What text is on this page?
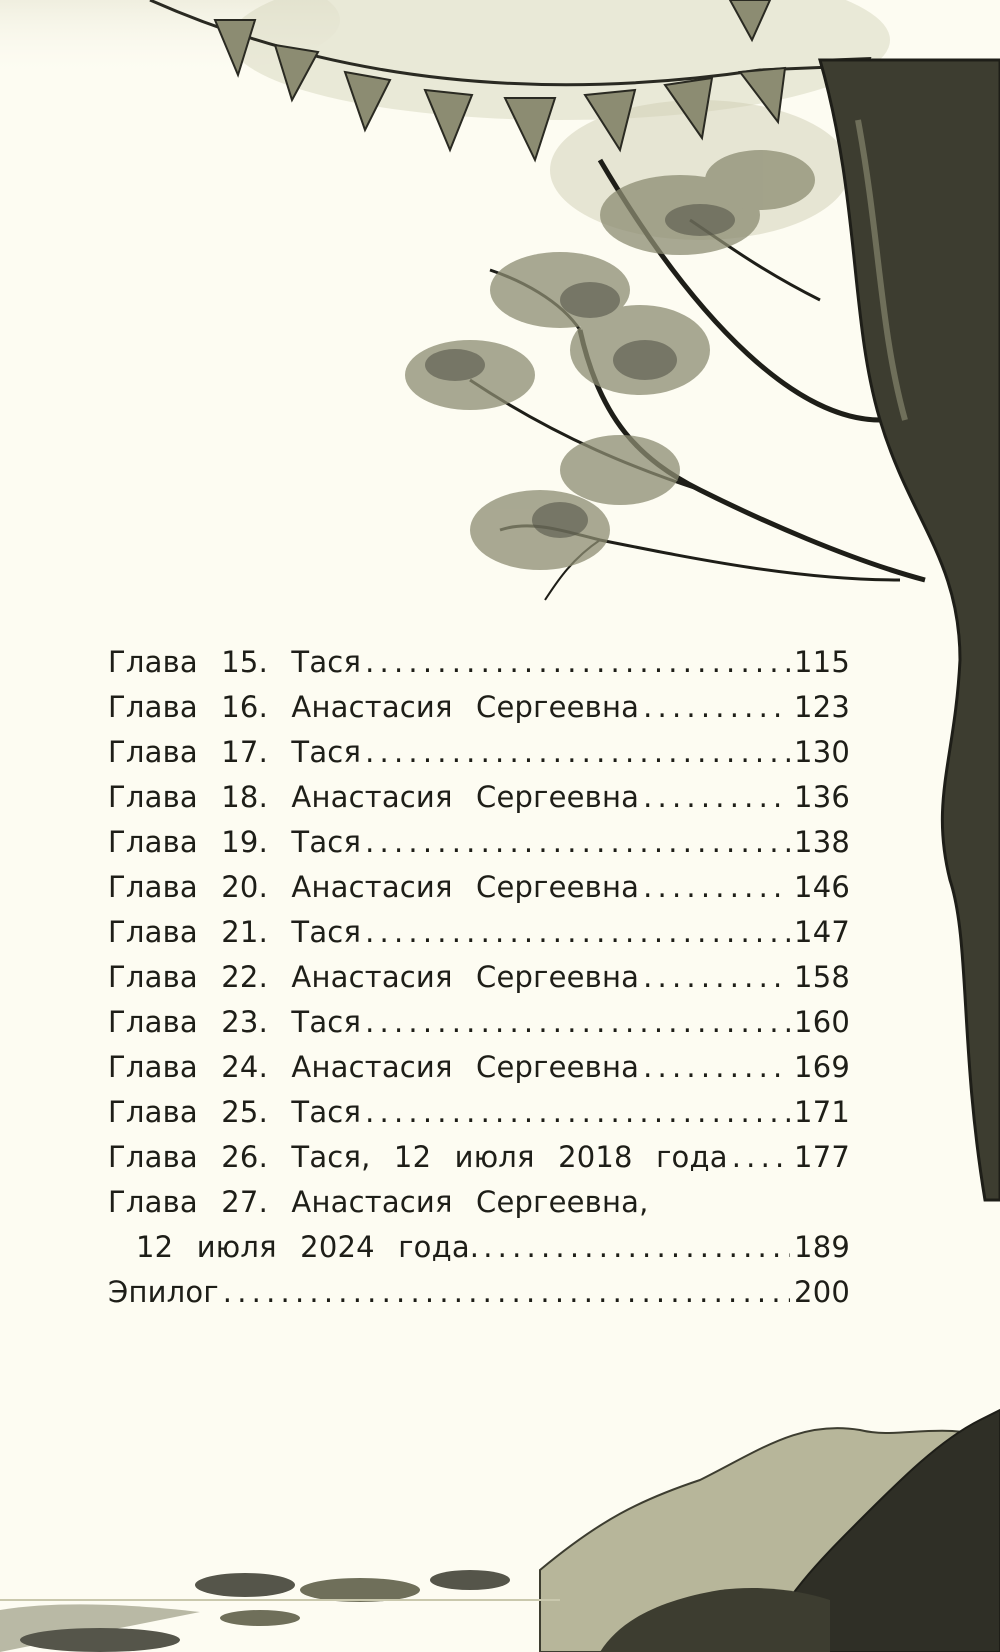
Глава 15. Тася . . .	115
Глава 16. Анастасия Сергеевна . . .	123
Глава 17. Тася . . .	130
Глава 18. Анастасия Сергеевна . . .	136
Глава 19. Тася . . .	138
Глава 20. Анастасия Сергеевна . . .	146
Глава 21. Тася . . .	147
Глава 22. Анастасия Сергеевна . . .	158
Глава 23. Тася . . .	160
Глава 24. Анастасия Сергеевна . . .	169
Глава 25. Тася . . .	171
Глава 26. Тася, 12 июля 2018 года . . . 177
Глава 27. Анастасия Сергеевна,
12 июля 2024 года. . . .	189
Эпилог . . .	200
